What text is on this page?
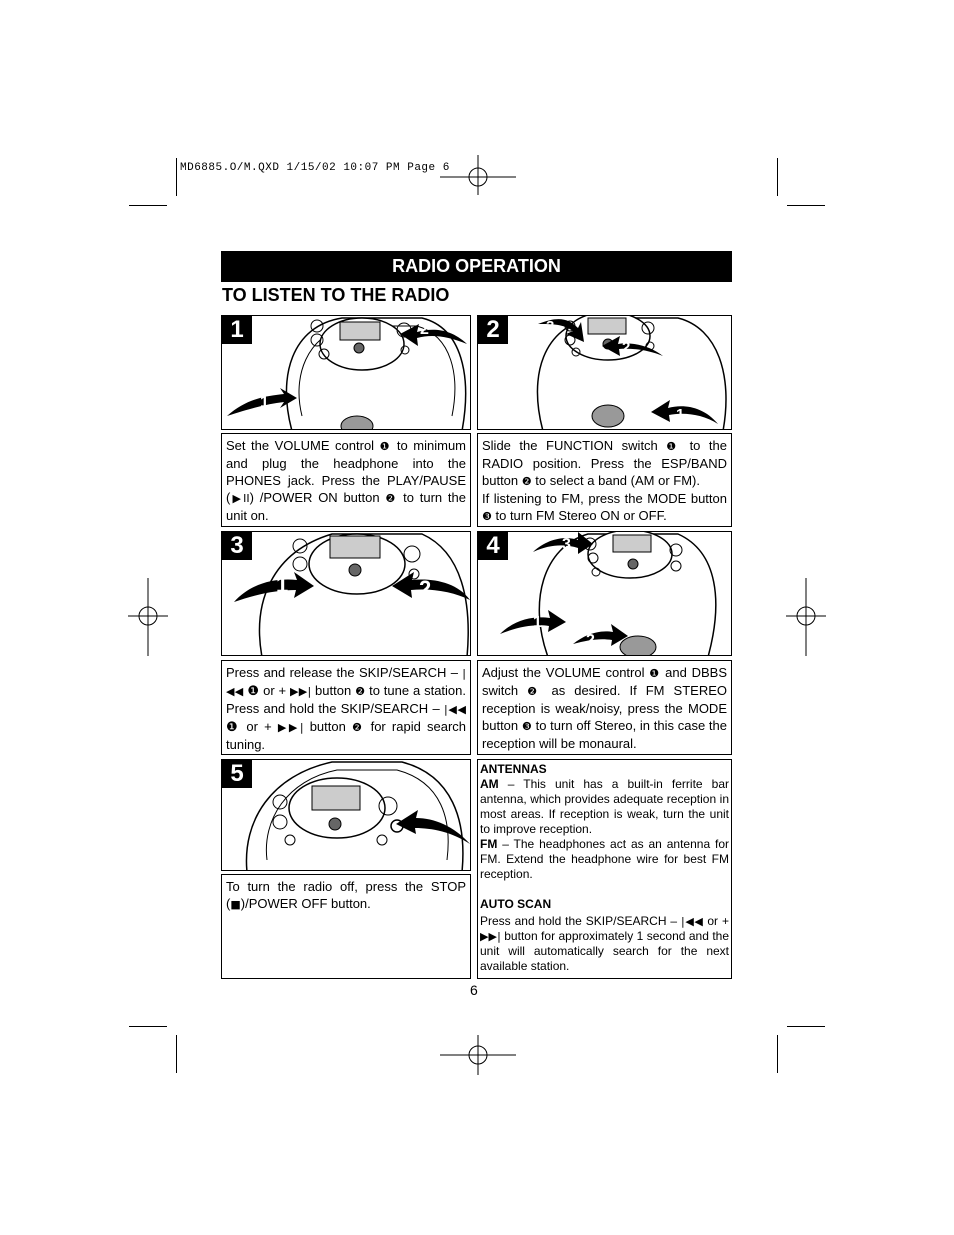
MD6885.O/M.QXD 1/15/02 10:07 PM Page 6
RADIO OPERATION
TO LISTEN TO THE RADIO
1
1
2
Set the VOLUME control ❶ to minimum and plug the headphone into the PHONES jack. Press the PLAY/PAUSE (▶II) /POWER ON button ❷ to turn the unit on.
2	3
2
1
Slide the FUNCTION switch ❶ to the RADIO position. Press the ESP/BAND button ❷ to select a band (AM or FM).
If listening to FM, press the MODE button ❸ to turn FM Stereo ON or OFF.
3
1	2
Press and release the SKIP/SEARCH – |◀◀ ❶ or + ▶▶| button ❷ to tune a station. Press and hold the SKIP/SEARCH – |◀◀ ❶ or + ▶▶| button ❷ for rapid search tuning.
4	3
1
2
Adjust the VOLUME control ❶ and DBBS switch ❷ as desired. If FM STEREO reception is weak/noisy, press the MODE button ❸ to turn off Stereo, in this case the reception will be monaural.
5
To turn the radio off, press the STOP (■)/POWER OFF button.
ANTENNAS
AM – This unit has a built-in ferrite bar antenna, which provides adequate reception in most areas. If reception is weak, turn the unit to improve reception.
FM – The headphones act as an antenna for FM. Extend the headphone wire for best FM reception.
AUTO SCAN
Press and hold the SKIP/SEARCH – |◀◀ or + ▶▶| button for approximately 1 second and the unit will automatically search for the next available station.
6
